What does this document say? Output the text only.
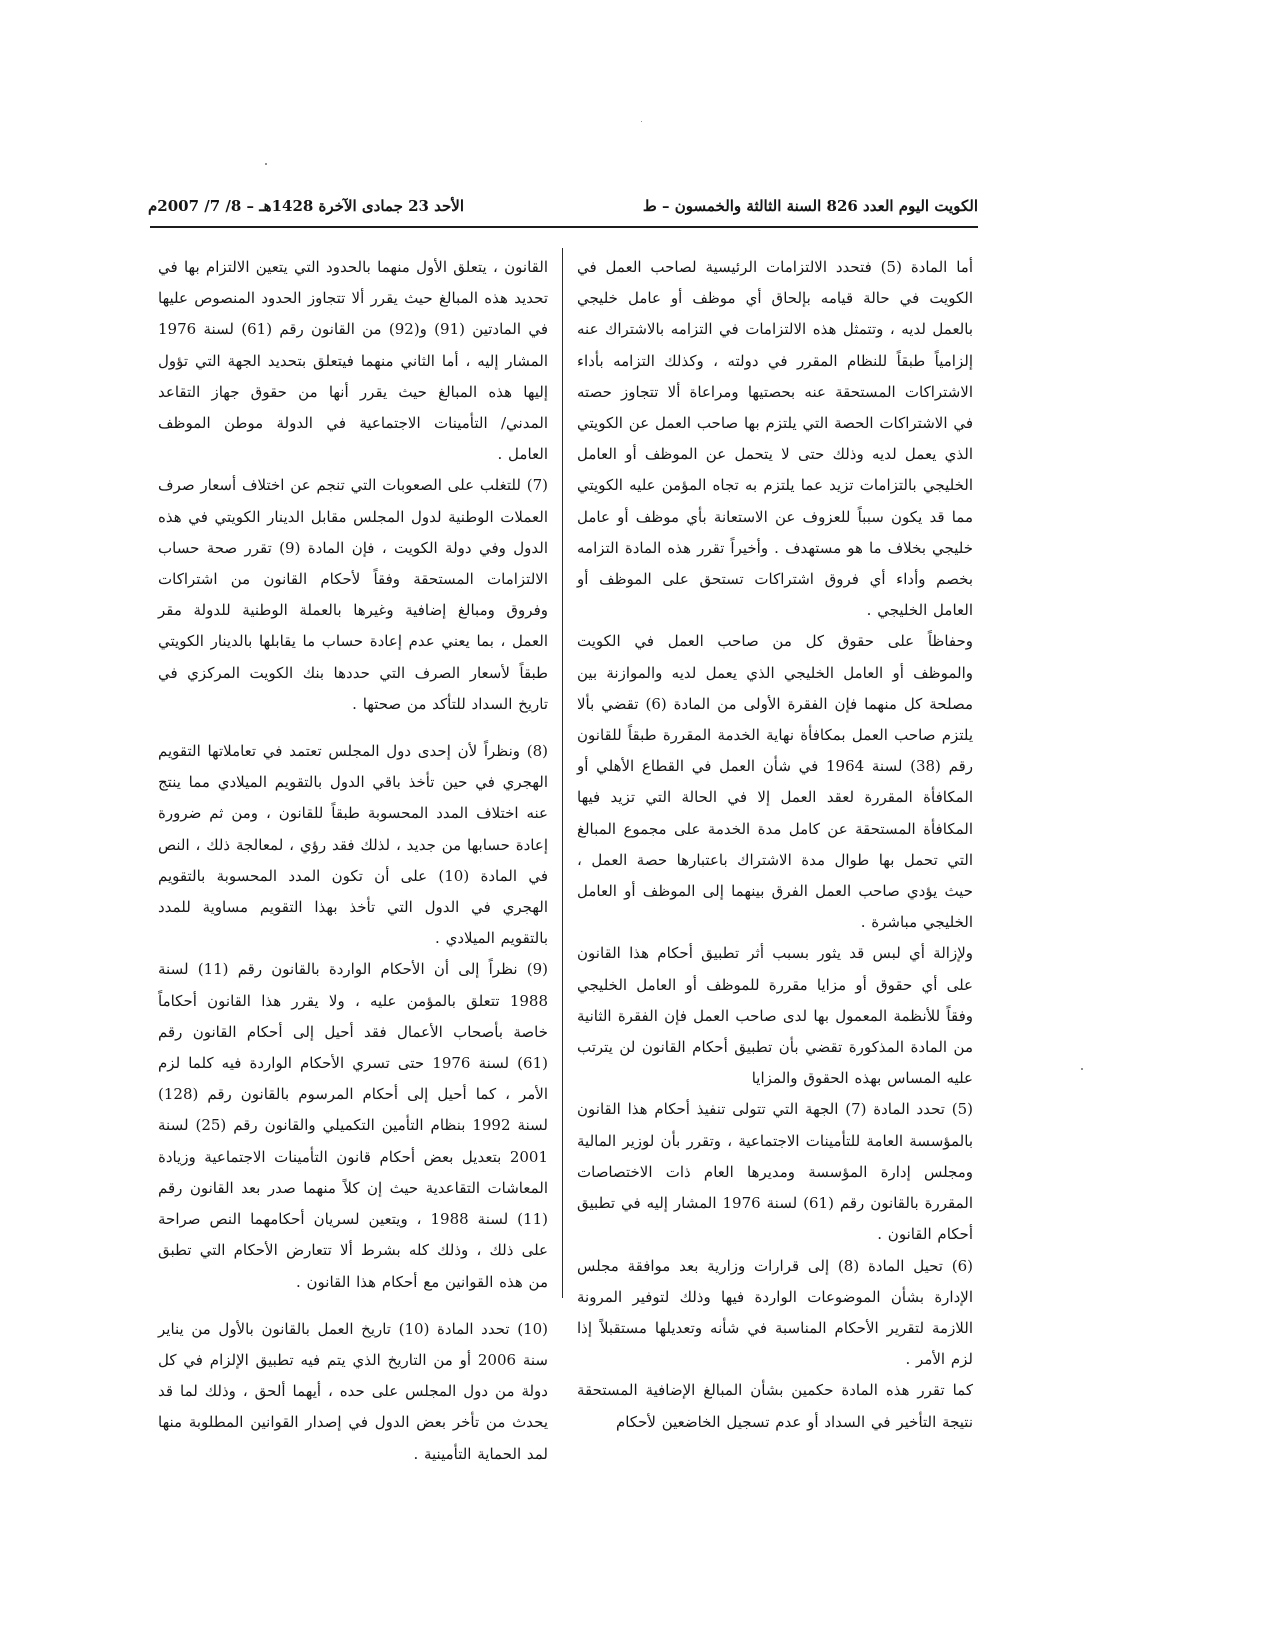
الكويت اليوم العدد 826 السنة الثالثة والخمسون – ط
الأحد 23 جمادى الآخرة 1428هـ – 8/ 7/ 2007م

أما المادة (5) فتحدد الالتزامات الرئيسية لصاحب العمل في الكويت في حالة قيامه بإلحاق أي موظف أو عامل خليجي بالعمل لديه ، وتتمثل هذه الالتزامات في التزامه بالاشتراك عنه إلزامياً طبقاً للنظام المقرر في دولته ، وكذلك التزامه بأداء الاشتراكات المستحقة عنه بحصتيها ومراعاة ألا تتجاوز حصته في الاشتراكات الحصة التي يلتزم بها صاحب العمل عن الكويتي الذي يعمل لديه وذلك حتى لا يتحمل عن الموظف أو العامل الخليجي بالتزامات تزيد عما يلتزم به تجاه المؤمن عليه الكويتي مما قد يكون سبباً للعزوف عن الاستعانة بأي موظف أو عامل خليجي بخلاف ما هو مستهدف . وأخيراً تقرر هذه المادة التزامه بخصم وأداء أي فروق اشتراكات تستحق على الموظف أو العامل الخليجي .

وحفاظاً على حقوق كل من صاحب العمل في الكويت والموظف أو العامل الخليجي الذي يعمل لديه والموازنة بين مصلحة كل منهما فإن الفقرة الأولى من المادة (6) تقضي بألا يلتزم صاحب العمل بمكافأة نهاية الخدمة المقررة طبقاً للقانون رقم (38) لسنة 1964 في شأن العمل في القطاع الأهلي أو المكافأة المقررة لعقد العمل إلا في الحالة التي تزيد فيها المكافأة المستحقة عن كامل مدة الخدمة على مجموع المبالغ التي تحمل بها طوال مدة الاشتراك باعتبارها حصة العمل ، حيث يؤدي صاحب العمل الفرق بينهما إلى الموظف أو العامل الخليجي مباشرة .

ولإزالة أي لبس قد يثور بسبب أثر تطبيق أحكام هذا القانون على أي حقوق أو مزايا مقررة للموظف أو العامل الخليجي وفقاً للأنظمة المعمول بها لدى صاحب العمل فإن الفقرة الثانية من المادة المذكورة تقضي بأن تطبيق أحكام القانون لن يترتب عليه المساس بهذه الحقوق والمزايا

(5) تحدد المادة (7) الجهة التي تتولى تنفيذ أحكام هذا القانون بالمؤسسة العامة للتأمينات الاجتماعية ، وتقرر بأن لوزير المالية ومجلس إدارة المؤسسة ومديرها العام ذات الاختصاصات المقررة بالقانون رقم (61) لسنة 1976 المشار إليه في تطبيق أحكام القانون .

(6) تحيل المادة (8) إلى قرارات وزارية بعد موافقة مجلس الإدارة بشأن الموضوعات الواردة فيها وذلك لتوفير المرونة اللازمة لتقرير الأحكام المناسبة في شأنه وتعديلها مستقبلاً إذا لزم الأمر .

كما تقرر هذه المادة حكمين بشأن المبالغ الإضافية المستحقة نتيجة التأخير في السداد أو عدم تسجيل الخاضعين لأحكام

القانون ، يتعلق الأول منهما بالحدود التي يتعين الالتزام بها في تحديد هذه المبالغ حيث يقرر ألا تتجاوز الحدود المنصوص عليها في المادتين (91) و(92) من القانون رقم (61) لسنة 1976 المشار إليه ، أما الثاني منهما فيتعلق بتحديد الجهة التي تؤول إليها هذه المبالغ حيث يقرر أنها من حقوق جهاز التقاعد المدني/ التأمينات الاجتماعية في الدولة موطن الموظف العامل .

(7) للتغلب على الصعوبات التي تنجم عن اختلاف أسعار صرف العملات الوطنية لدول المجلس مقابل الدينار الكويتي في هذه الدول وفي دولة الكويت ، فإن المادة (9) تقرر صحة حساب الالتزامات المستحقة وفقاً لأحكام القانون من اشتراكات وفروق ومبالغ إضافية وغيرها بالعملة الوطنية للدولة مقر العمل ، بما يعني عدم إعادة حساب ما يقابلها بالدينار الكويتي طبقاً لأسعار الصرف التي حددها بنك الكويت المركزي في تاريخ السداد للتأكد من صحتها .

(8) ونظراً لأن إحدى دول المجلس تعتمد في تعاملاتها التقويم الهجري في حين تأخذ باقي الدول بالتقويم الميلادي مما ينتج عنه اختلاف المدد المحسوبة طبقاً للقانون ، ومن ثم ضرورة إعادة حسابها من جديد ، لذلك فقد رؤي ، لمعالجة ذلك ، النص في المادة (10) على أن تكون المدد المحسوبة بالتقويم الهجري في الدول التي تأخذ بهذا التقويم مساوية للمدد بالتقويم الميلادي .

(9) نظراً إلى أن الأحكام الواردة بالقانون رقم (11) لسنة 1988 تتعلق بالمؤمن عليه ، ولا يقرر هذا القانون أحكاماً خاصة بأصحاب الأعمال فقد أحيل إلى أحكام القانون رقم (61) لسنة 1976 حتى تسري الأحكام الواردة فيه كلما لزم الأمر ، كما أحيل إلى أحكام المرسوم بالقانون رقم (128) لسنة 1992 بنظام التأمين التكميلي والقانون رقم (25) لسنة 2001 بتعديل بعض أحكام قانون التأمينات الاجتماعية وزيادة المعاشات التقاعدية حيث إن كلاً منهما صدر بعد القانون رقم (11) لسنة 1988 ، ويتعين لسريان أحكامهما النص صراحة على ذلك ، وذلك كله بشرط ألا تتعارض الأحكام التي تطبق من هذه القوانين مع أحكام هذا القانون .

(10) تحدد المادة (10) تاريخ العمل بالقانون بالأول من يناير سنة 2006 أو من التاريخ الذي يتم فيه تطبيق الإلزام في كل دولة من دول المجلس على حده ، أيهما ألحق ، وذلك لما قد يحدث من تأخر بعض الدول في إصدار القوانين المطلوبة منها لمد الحماية التأمينية .
